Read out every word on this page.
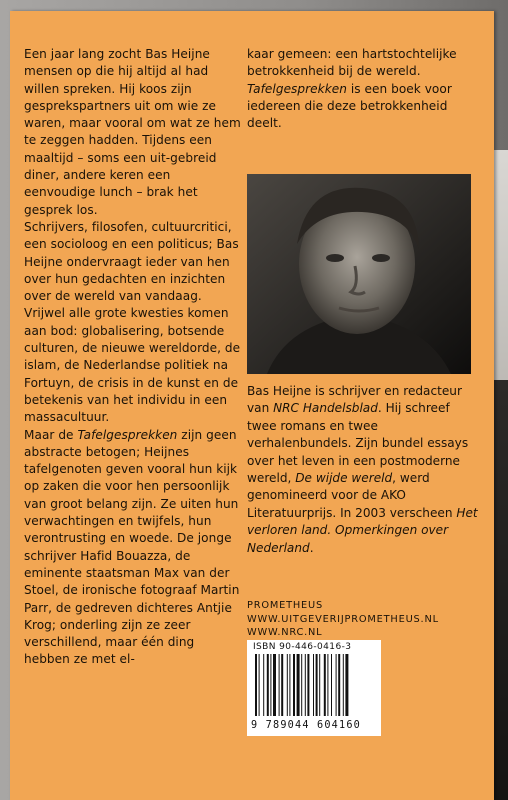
Een jaar lang zocht Bas Heijne mensen op die hij altijd al had willen spreken. Hij koos zijn gesprekspartners uit om wie ze waren, maar vooral om wat ze hem te zeggen hadden. Tijdens een maaltijd – soms een uit-gebreid diner, andere keren een eenvoudige lunch – brak het gesprek los.

Schrijvers, filosofen, cultuurcritici, een socioloog en een politicus; Bas Heijne ondervraagt ieder van hen over hun gedachten en inzichten over de wereld van vandaag. Vrijwel alle grote kwesties komen aan bod: globalisering, botsende culturen, de nieuwe wereldorde, de islam, de Nederlandse politiek na Fortuyn, de crisis in de kunst en de betekenis van het individu in een massacultuur.

Maar de Tafelgesprekken zijn geen abstracte betogen; Heijnes tafelgenoten geven vooral hun kijk op zaken die voor hen persoonlijk van groot belang zijn. Ze uiten hun verwachtingen en twijfels, hun verontrusting en woede. De jonge schrijver Hafid Bouazza, de eminente staatsman Max van der Stoel, de ironische fotograaf Martin Parr, de gedreven dichteres Antjie Krog; onderling zijn ze zeer verschillend, maar één ding hebben ze met el-

kaar gemeen: een hartstochtelijke betrokkenheid bij de wereld.

Tafelgesprekken is een boek voor iedereen die deze betrokkenheid deelt.

Bas Heijne is schrijver en redacteur van NRC Handelsblad. Hij schreef twee romans en twee verhalenbundels. Zijn bundel essays over het leven in een postmoderne wereld, De wijde wereld, werd genomineerd voor de AKO Literatuurprijs. In 2003 verscheen Het verloren land. Opmerkingen over Nederland.

PROMETHEUS
WWW.UITGEVERIJPROMETHEUS.NL
WWW.NRC.NL
ISBN 90-446-0416-3
9 789044 604160
